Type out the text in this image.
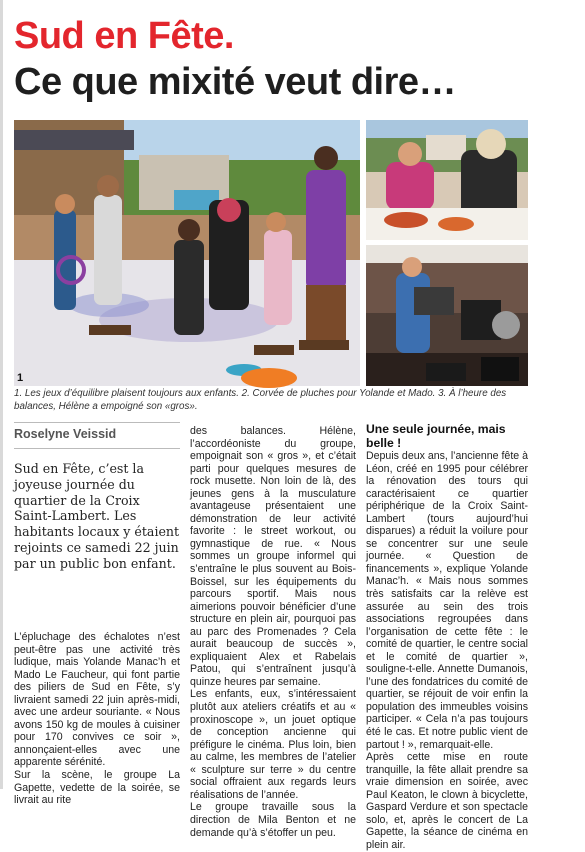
Sud en Fête.
Ce que mixité veut dire…
1

1. Les jeux d’équilibre plaisent toujours aux enfants. 2. Corvée de pluches pour Yolande et Mado. 3. À l’heure des balances, Hélène a empoigné son «gros».

Roselyne Veissid

Sud en Fête, c’est la joyeuse journée du quartier de la Croix Saint-Lambert. Les habitants locaux y étaient rejoints ce samedi 22 juin par un public bon enfant.

L’épluchage des échalotes n’est peut-être pas une activité très ludique, mais Yolande Manac’h et Mado Le Faucheur, qui font partie des piliers de Sud en Fête, s’y livraient samedi 22 juin après-midi, avec une ardeur souriante. « Nous avons 150 kg de moules à cuisiner pour 170 convives ce soir », annonçaient-elles avec une apparente sérénité.

Sur la scène, le groupe La Gapette, vedette de la soirée, se livrait au rite

des balances. Hélène, l’accordéoniste du groupe, empoignait son « gros », et c’était parti pour quelques mesures de rock musette. Non loin de là, des jeunes gens à la musculature avantageuse présentaient une démonstration de leur activité favorite : le street workout, ou gymnastique de rue. « Nous sommes un groupe informel qui s’entraîne le plus souvent au Bois-Boissel, sur les équipements du parcours sportif. Mais nous aimerions pouvoir bénéficier d’une structure en plein air, pourquoi pas au parc des Promenades ? Cela aurait beaucoup de succès », expliquaient Alex et Rabelais Patou, qui s’entraînent jusqu’à quinze heures par semaine.

Les enfants, eux, s’intéressaient plutôt aux ateliers créatifs et au « proxinoscope », un jouet optique de conception ancienne qui préfigure le cinéma. Plus loin, bien au calme, les membres de l’atelier « sculpture sur terre » du centre social offraient aux regards leurs réalisations de l’année.

Le groupe travaille sous la direction de Mila Benton et ne demande qu’à s’étoffer un peu.

Une seule journée, mais belle !

Depuis deux ans, l’ancienne fête à Léon, créé en 1995 pour célébrer la rénovation des tours qui caractérisaient ce quartier périphérique de la Croix Saint-Lambert (tours aujourd’hui disparues) a réduit la voilure pour se concentrer sur une seule journée. « Question de financements », explique Yolande Manac’h. « Mais nous sommes très satisfaits car la relève est assurée au sein des trois associations regroupées dans l’organisation de cette fête : le comité de quartier, le centre social et le comité de quartier », souligne-t-elle. Annette Dumanois, l’une des fondatrices du comité de quartier, se réjouit de voir enfin la population des immeubles voisins participer. « Cela n’a pas toujours été le cas. Et notre public vient de partout ! », remarquait-elle.

Après cette mise en route tranquille, la fête allait prendre sa vraie dimension en soirée, avec Paul Keaton, le clown à bicyclette, Gaspard Verdure et son spectacle solo, et, après le concert de La Gapette, la séance de cinéma en plein air.
